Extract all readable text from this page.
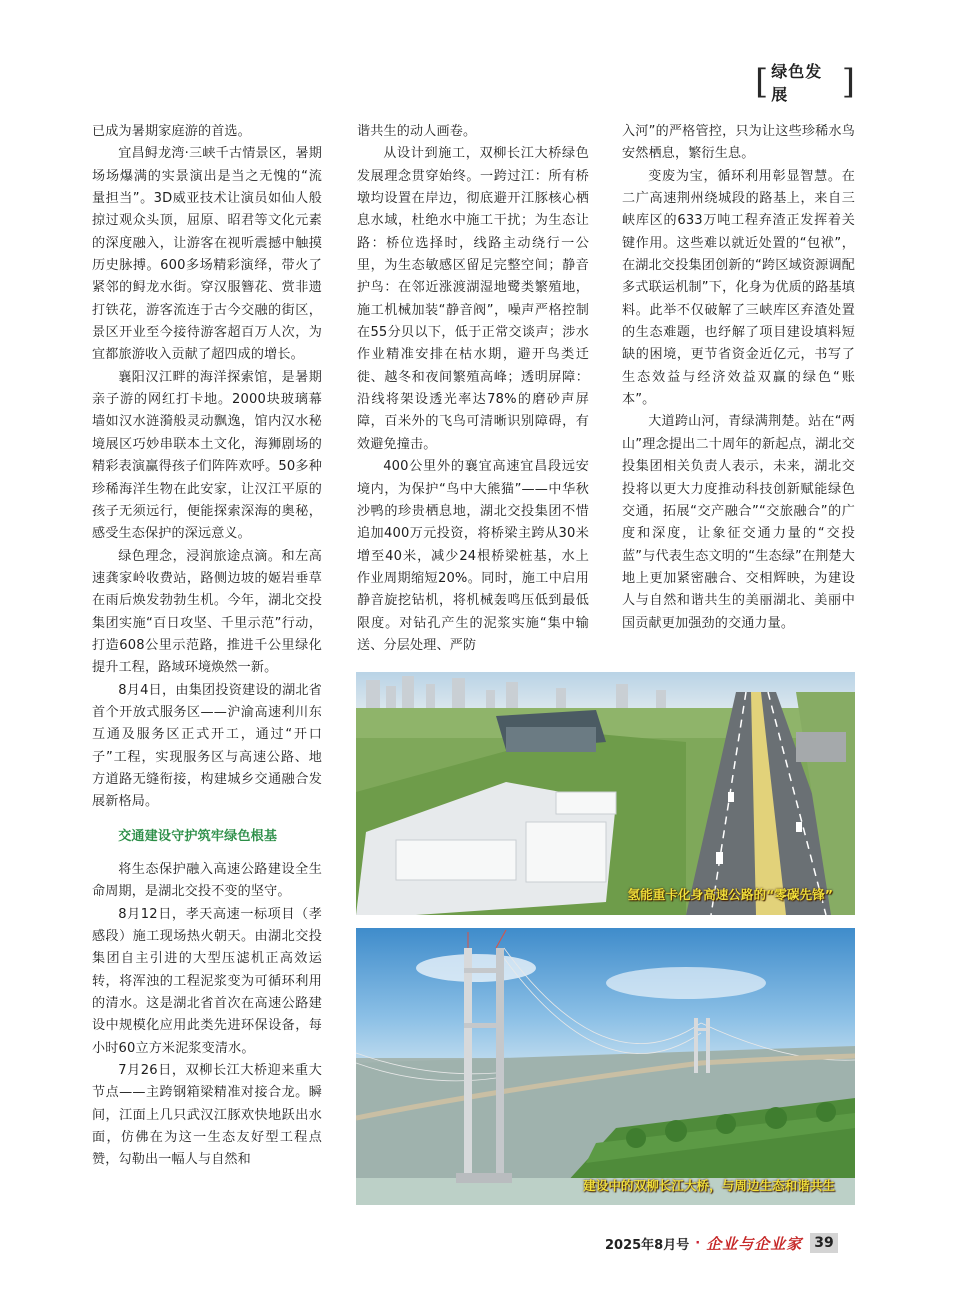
[ 绿色发展	]

已成为暑期家庭游的首选。

宜昌鲟龙湾·三峡千古情景区，暑期场场爆满的实景演出是当之无愧的“流量担当”。3D威亚技术让演员如仙人般掠过观众头顶，屈原、昭君等文化元素的深度融入，让游客在视听震撼中触摸历史脉搏。600多场精彩演绎，带火了紧邻的鲟龙水街。穿汉服簪花、赏非遗打铁花，游客流连于古今交融的街区，景区开业至今接待游客超百万人次，为宜都旅游收入贡献了超四成的增长。

襄阳汉江畔的海洋探索馆，是暑期亲子游的网红打卡地。2000块玻璃幕墙如汉水涟漪般灵动飘逸，馆内汉水秘境展区巧妙串联本土文化，海狮剧场的精彩表演赢得孩子们阵阵欢呼。50多种珍稀海洋生物在此安家，让汉江平原的孩子无须远行，便能探索深海的奥秘，感受生态保护的深远意义。

绿色理念，浸润旅途点滴。和左高速龚家岭收费站，路侧边坡的姬岩垂草在雨后焕发勃勃生机。今年，湖北交投集团实施“百日攻坚、千里示范”行动，打造608公里示范路，推进千公里绿化提升工程，路域环境焕然一新。

8月4日，由集团投资建设的湖北省首个开放式服务区——沪渝高速利川东互通及服务区正式开工，通过“开口子”工程，实现服务区与高速公路、地方道路无缝衔接，构建城乡交通融合发展新格局。

交通建设守护筑牢绿色根基

将生态保护融入高速公路建设全生命周期，是湖北交投不变的坚守。

8月12日，孝天高速一标项目（孝感段）施工现场热火朝天。由湖北交投集团自主引进的大型压滤机正高效运转，将浑浊的工程泥浆变为可循环利用的清水。这是湖北省首次在高速公路建设中规模化应用此类先进环保设备，每小时60立方米泥浆变清水。

7月26日，双柳长江大桥迎来重大节点——主跨钢箱梁精准对接合龙。瞬间，江面上几只武汉江豚欢快地跃出水面，仿佛在为这一生态友好型工程点赞，勾勒出一幅人与自然和

谐共生的动人画卷。

从设计到施工，双柳长江大桥绿色发展理念贯穿始终。一跨过江：所有桥墩均设置在岸边，彻底避开江豚核心栖息水域，杜绝水中施工干扰；为生态让路：桥位选择时，线路主动绕行一公里，为生态敏感区留足完整空间；静音护鸟：在邻近涨渡湖湿地鹭类繁殖地，施工机械加装“静音阀”，噪声严格控制在55分贝以下，低于正常交谈声；涉水作业精准安排在枯水期，避开鸟类迁徙、越冬和夜间繁殖高峰；透明屏障：沿线将架设透光率达78%的磨砂声屏障，百米外的飞鸟可清晰识别障碍，有效避免撞击。

400公里外的襄宜高速宜昌段远安境内，为保护“鸟中大熊猫”——中华秋沙鸭的珍贵栖息地，湖北交投集团不惜追加400万元投资，将桥梁主跨从30米增至40米，减少24根桥梁桩基，水上作业周期缩短20%。同时，施工中启用静音旋挖钻机，将机械轰鸣压低到最低限度。对钻孔产生的泥浆实施“集中输送、分层处理、严防

入河”的严格管控，只为让这些珍稀水鸟安然栖息，繁衍生息。

变废为宝，循环利用彰显智慧。在二广高速荆州绕城段的路基上，来自三峡库区的633万吨工程弃渣正发挥着关键作用。这些难以就近处置的“包袱”，在湖北交投集团创新的“跨区域资源调配多式联运机制”下，化身为优质的路基填料。此举不仅破解了三峡库区弃渣处置的生态难题，也纾解了项目建设填料短缺的困境，更节省资金近亿元，书写了生态效益与经济效益双赢的绿色“账本”。

大道跨山河，青绿满荆楚。站在“两山”理念提出二十周年的新起点，湖北交投集团相关负责人表示，未来，湖北交投将以更大力度推动科技创新赋能绿色交通，拓展“交产融合”“交旅融合”的广度和深度，让象征交通力量的“交投蓝”与代表生态文明的“生态绿”在荆楚大地上更加紧密融合、交相辉映，为建设人与自然和谐共生的美丽湖北、美丽中国贡献更加强劲的交通力量。

氢能重卡化身高速公路的“零碳先锋”
建设中的双柳长江大桥，与周边生态和谐共生
2025年8月号 · 企业与企业家 39
